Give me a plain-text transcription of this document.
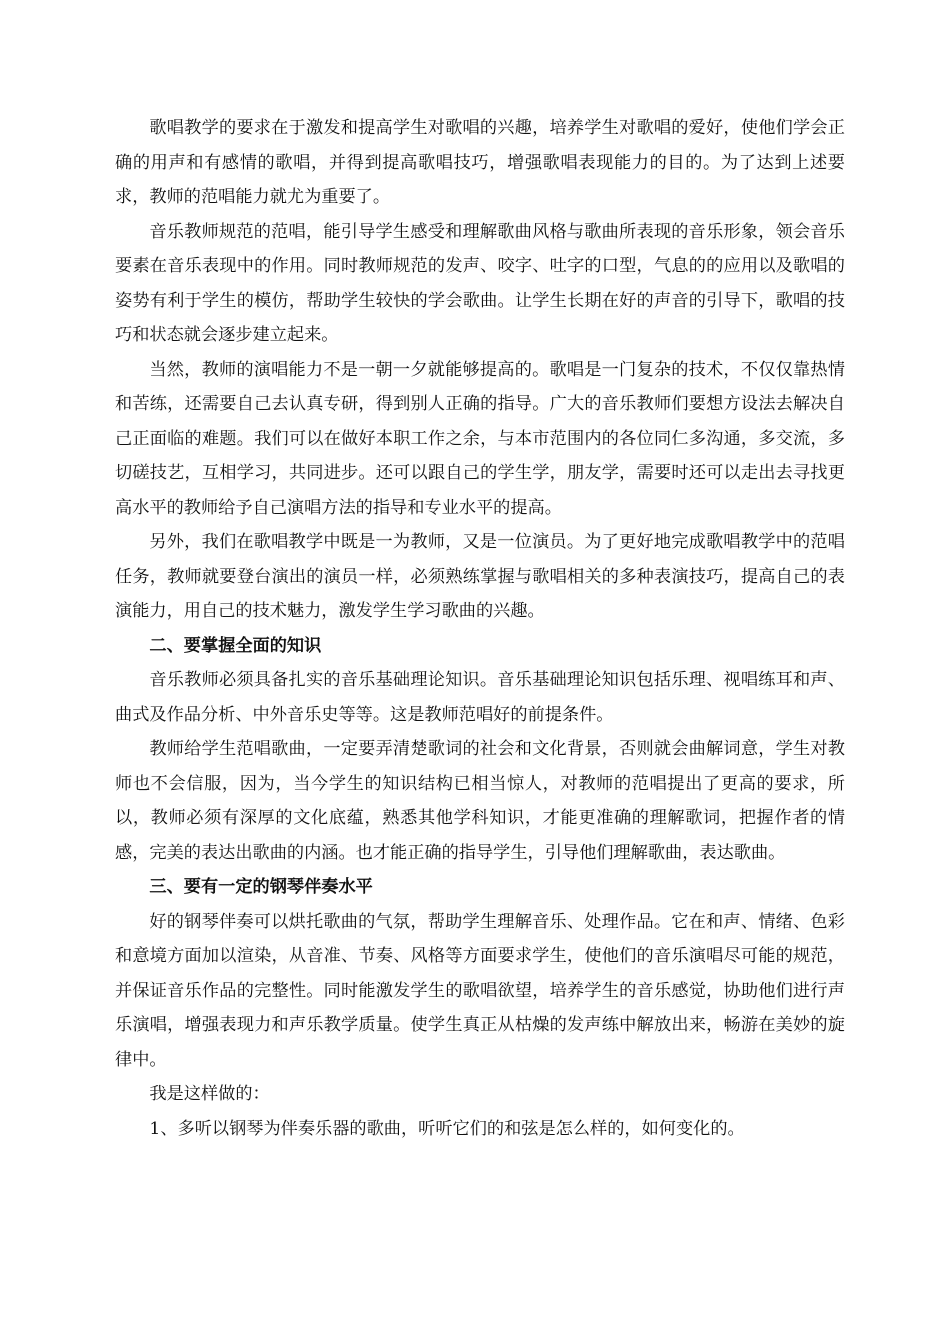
歌唱教学的要求在于激发和提高学生对歌唱的兴趣，培养学生对歌唱的爱好，使他们学会正确的用声和有感情的歌唱，并得到提高歌唱技巧，增强歌唱表现能力的目的。为了达到上述要求，教师的范唱能力就尤为重要了。

音乐教师规范的范唱，能引导学生感受和理解歌曲风格与歌曲所表现的音乐形象，领会音乐要素在音乐表现中的作用。同时教师规范的发声、咬字、吐字的口型，气息的的应用以及歌唱的姿势有利于学生的模仿，帮助学生较快的学会歌曲。让学生长期在好的声音的引导下，歌唱的技巧和状态就会逐步建立起来。

当然，教师的演唱能力不是一朝一夕就能够提高的。歌唱是一门复杂的技术，不仅仅靠热情和苦练，还需要自己去认真专研，得到别人正确的指导。广大的音乐教师们要想方设法去解决自己正面临的难题。我们可以在做好本职工作之余，与本市范围内的各位同仁多沟通，多交流，多切磋技艺，互相学习，共同进步。还可以跟自己的学生学，朋友学，需要时还可以走出去寻找更高水平的教师给予自己演唱方法的指导和专业水平的提高。

另外，我们在歌唱教学中既是一为教师，又是一位演员。为了更好地完成歌唱教学中的范唱任务，教师就要登台演出的演员一样，必须熟练掌握与歌唱相关的多种表演技巧，提高自己的表演能力，用自己的技术魅力，激发学生学习歌曲的兴趣。

二、要掌握全面的知识

音乐教师必须具备扎实的音乐基础理论知识。音乐基础理论知识包括乐理、视唱练耳和声、曲式及作品分析、中外音乐史等等。这是教师范唱好的前提条件。

教师给学生范唱歌曲，一定要弄清楚歌词的社会和文化背景，否则就会曲解词意，学生对教师也不会信服，因为，当今学生的知识结构已相当惊人，对教师的范唱提出了更高的要求，所以，教师必须有深厚的文化底蕴，熟悉其他学科知识，才能更准确的理解歌词，把握作者的情感，完美的表达出歌曲的内涵。也才能正确的指导学生，引导他们理解歌曲，表达歌曲。

三、要有一定的钢琴伴奏水平

好的钢琴伴奏可以烘托歌曲的气氛，帮助学生理解音乐、处理作品。它在和声、情绪、色彩和意境方面加以渲染，从音准、节奏、风格等方面要求学生，使他们的音乐演唱尽可能的规范，并保证音乐作品的完整性。同时能激发学生的歌唱欲望，培养学生的音乐感觉，协助他们进行声乐演唱，增强表现力和声乐教学质量。使学生真正从枯燥的发声练中解放出来，畅游在美妙的旋律中。

我是这样做的：

1、多听以钢琴为伴奏乐器的歌曲，听听它们的和弦是怎么样的，如何变化的。
